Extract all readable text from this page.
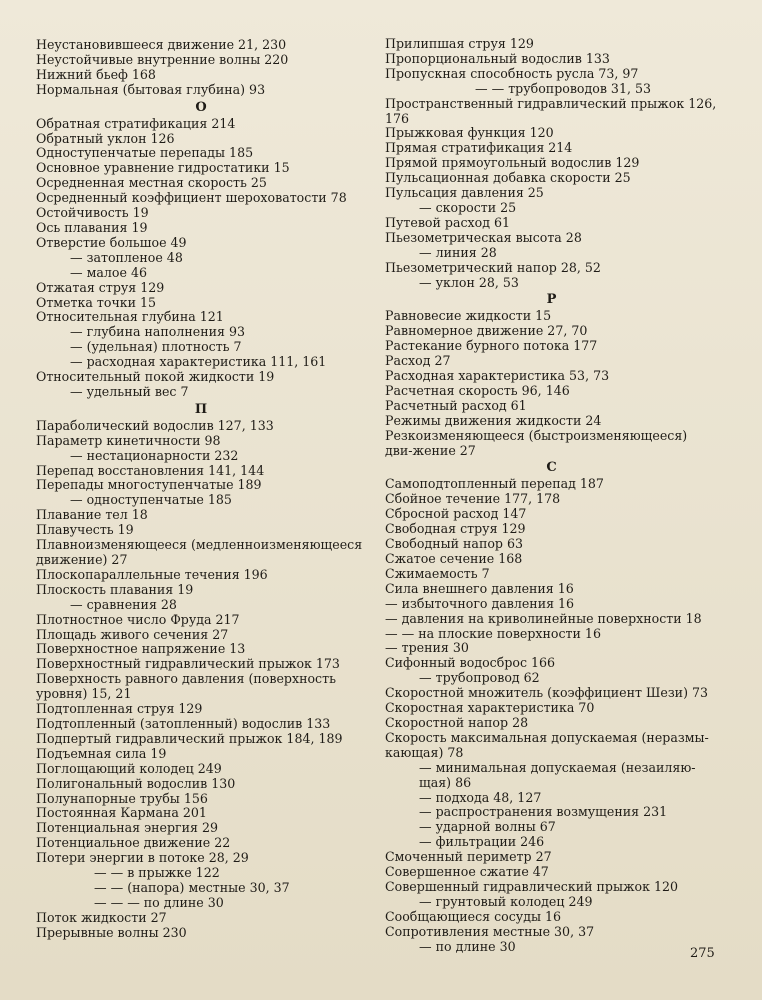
Неустановившееся движение 21, 230
Неустойчивые внутренние волны 220
Нижний бьеф 168
Нормальная (бытовая глубина) 93
О
Обратная стратификация 214
Обратный уклон 126
Одноступенчатые перепады 185
Основное уравнение гидростатики 15
Осредненная местная скорость 25
Осредненный коэффициент шероховатости 78
Остойчивость 19
Ось плавания 19
Отверстие большое 49
— затопленое 48
— малое 46
Отжатая струя 129
Отметка точки 15
Относительная глубина 121
— глубина наполнения 93
— (удельная) плотность 7
— расходная характеристика 111, 161
Относительный покой жидкости 19
— удельный вес 7
П
Параболический водослив 127, 133
Параметр кинетичности 98
— нестационарности 232
Перепад восстановления 141, 144
Перепады многоступенчатые 189
— одноступенчатые 185
Плавание тел 18
Плавучесть 19
Плавноизменяющееся (медленноизменяющееся движение) 27
Плоскопараллельные течения 196
Плоскость плавания 19
— сравнения 28
Плотностное число Фруда 217
Площадь живого сечения 27
Поверхностное напряжение 13
Поверхностный гидравлический прыжок 173
Поверхность равного давления (поверхность уровня) 15, 21
Подтопленная струя 129
Подтопленный (затопленный) водослив 133
Подпертый гидравлический прыжок 184, 189
Подъемная сила 19
Поглощающий колодец 249
Полигональный водослив 130
Полунапорные трубы 156
Постоянная Кармана 201
Потенциальная энергия 29
Потенциальное движение 22
Потери энергии в потоке 28, 29
— — в прыжке 122
— — (напора) местные 30, 37
— — — по длине 30
Поток жидкости 27
Прерывные волны 230
Прилипшая струя 129
Пропорциональный водослив 133
Пропускная способность русла 73, 97
— — трубопроводов 31, 53
Пространственный гидравлический прыжок 126, 176
Прыжковая функция 120
Прямая стратификация 214
Прямой прямоугольный водослив 129
Пульсационная добавка скорости 25
Пульсация давления 25
— скорости 25
Путевой расход 61
Пьезометрическая высота 28
— линия 28
Пьезометрический напор 28, 52
— уклон 28, 53
Р
Равновесие жидкости 15
Равномерное движение 27, 70
Растекание бурного потока 177
Расход 27
Расходная характеристика 53, 73
Расчетная скорость 96, 146
Расчетный расход 61
Режимы движения жидкости 24
Резкоизменяющееся (быстроизменяющееся) дви-жение 27
С
Самоподтопленный перепад 187
Сбойное течение 177, 178
Сбросной расход 147
Свободная струя 129
Свободный напор 63
Сжатое сечение 168
Сжимаемость 7
Сила внешнего давления 16
— избыточного давления 16
— давления на криволинейные поверхности 18
— — на плоские поверхности 16
— трения 30
Сифонный водосброс 166
— трубопровод 62
Скоростной множитель (коэффициент Шези) 73
Скоростная характеристика 70
Скоростной напор 28
Скорость максимальная допускаемая (неразмы-кающая) 78
— минимальная допускаемая (незаиляю-щая) 86
— подхода 48, 127
— распространения возмущения 231
— ударной волны 67
— фильтрации 246
Смоченный периметр 27
Совершенное сжатие 47
Совершенный гидравлический прыжок 120
— грунтовый колодец 249
Сообщающиеся сосуды 16
Сопротивления местные 30, 37
— по длине 30	275
